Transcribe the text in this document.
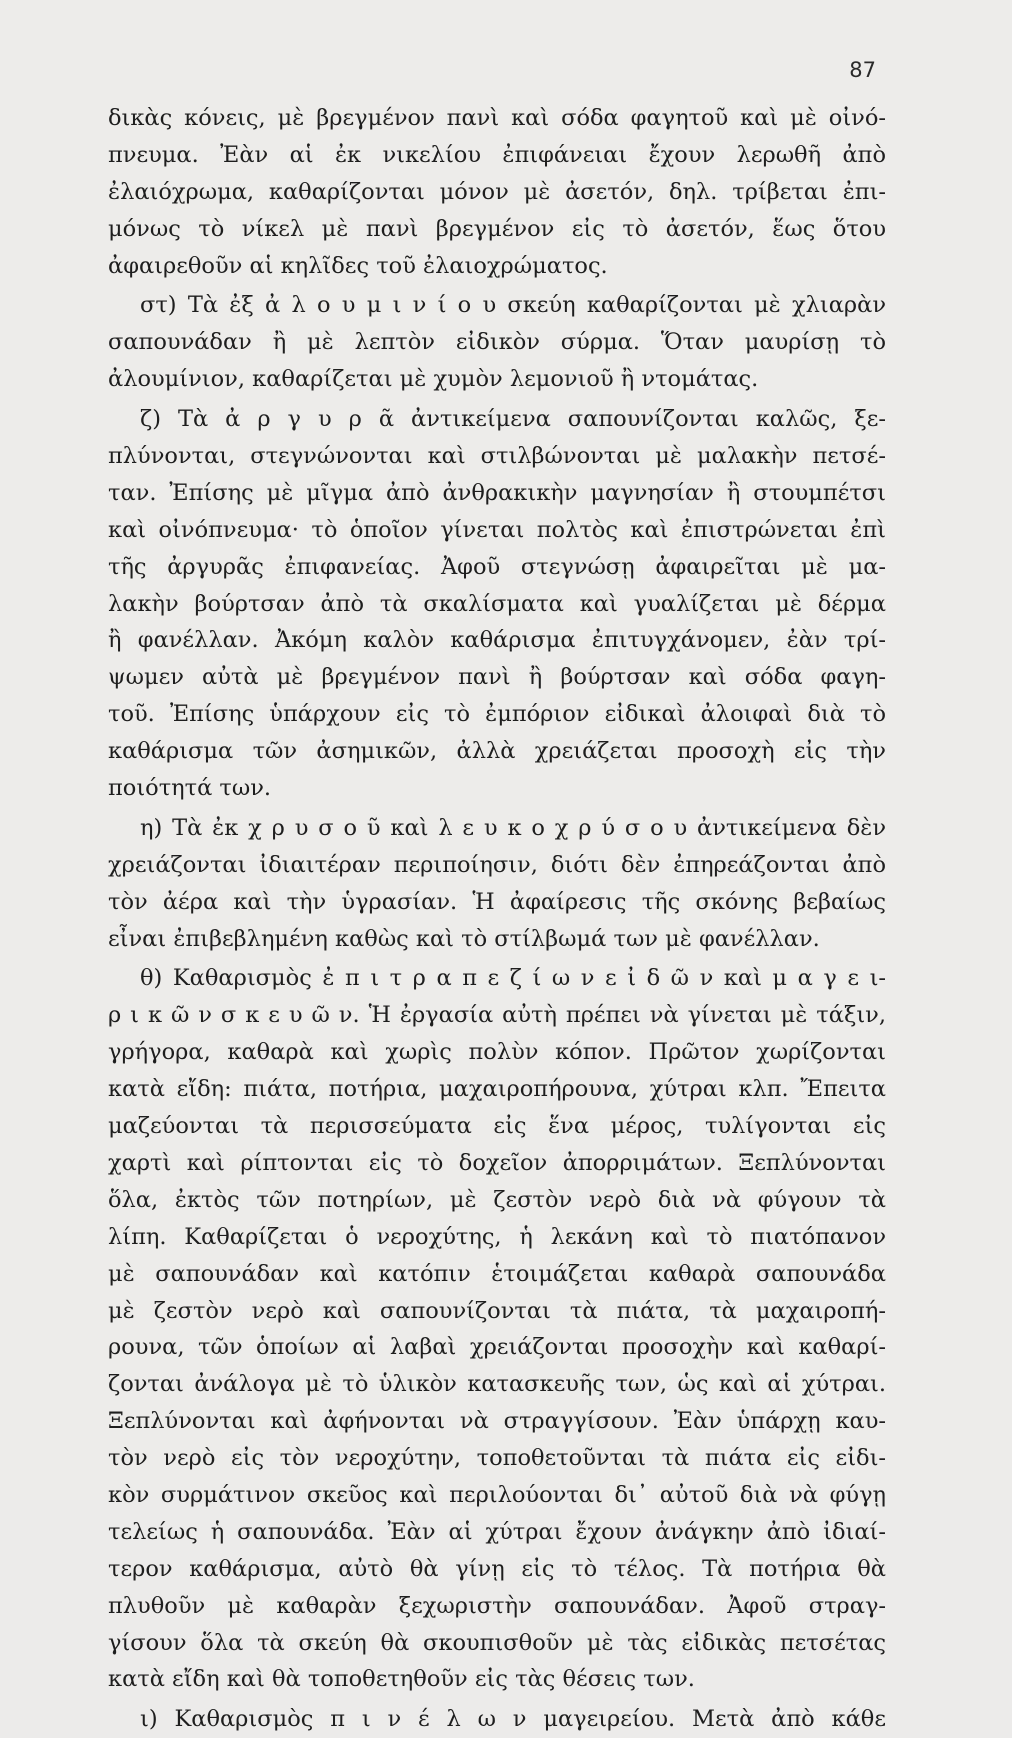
87
δικὰς κόνεις, μὲ βρεγμένον πανὶ καὶ σόδα φαγητοῦ καὶ μὲ οἰνό-
πνευμα. Ἐὰν αἱ ἐκ νικελίου ἐπιφάνειαι ἔχουν λερωθῆ ἀπὸ
ἐλαιόχρωμα, καθαρίζονται μόνον μὲ ἀσετόν, δηλ. τρίβεται ἐπι-
μόνως τὸ νίκελ μὲ πανὶ βρεγμένον εἰς τὸ ἀσετόν, ἕως ὅτου
ἀφαιρεθοῦν αἱ κηλῖδες τοῦ ἐλαιοχρώματος.
στ) Τὰ ἐξ ἀ λ ο υ μ ι ν ί ο υ σκεύη καθαρίζονται μὲ χλιαρὰν
σαπουνάδαν ἢ μὲ λεπτὸν εἰδικὸν σύρμα. Ὅταν μαυρίσῃ τὸ
ἀλουμίνιον, καθαρίζεται μὲ χυμὸν λεμονιοῦ ἢ ντομάτας.
ζ) Τὰ ἀ ρ γ υ ρ ᾶ ἀντικείμενα σαπουνίζονται καλῶς, ξε-
πλύνονται, στεγνώνονται καὶ στιλβώνονται μὲ μαλακὴν πετσέ-
ταν. Ἐπίσης μὲ μῖγμα ἀπὸ ἀνθρακικὴν μαγνησίαν ἢ στουμπέτσι
καὶ οἰνόπνευμα· τὸ ὁποῖον γίνεται πολτὸς καὶ ἐπιστρώνεται ἐπὶ
τῆς ἀργυρᾶς ἐπιφανείας. Ἀφοῦ στεγνώσῃ ἀφαιρεῖται μὲ μα-
λακὴν βούρτσαν ἀπὸ τὰ σκαλίσματα καὶ γυαλίζεται μὲ δέρμα
ἢ φανέλλαν. Ἀκόμη καλὸν καθάρισμα ἐπιτυγχάνομεν, ἐὰν τρί-
ψωμεν αὐτὰ μὲ βρεγμένον πανὶ ἢ βούρτσαν καὶ σόδα φαγη-
τοῦ. Ἐπίσης ὑπάρχουν εἰς τὸ ἐμπόριον εἰδικαὶ ἀλοιφαὶ διὰ τὸ
καθάρισμα τῶν ἀσημικῶν, ἀλλὰ χρειάζεται προσοχὴ εἰς τὴν
ποιότητά των.
η) Τὰ ἐκ χ ρ υ σ ο ῦ καὶ λ ε υ κ ο χ ρ ύ σ ο υ ἀντικείμενα δὲν
χρειάζονται ἰδιαιτέραν περιποίησιν, διότι δὲν ἐπηρεάζονται ἀπὸ
τὸν ἀέρα καὶ τὴν ὑγρασίαν. Ἡ ἀφαίρεσις τῆς σκόνης βεβαίως
εἶναι ἐπιβεβλημένη καθὼς καὶ τὸ στίλβωμά των μὲ φανέλλαν.
θ) Καθαρισμὸς ἐ π ι τ ρ α π ε ζ ί ω ν ε ἰ δ ῶ ν καὶ μ α γ ε ι-
ρ ι κ ῶ ν σ κ ε υ ῶ ν. Ἡ ἐργασία αὐτὴ πρέπει νὰ γίνεται μὲ τάξιν,
γρήγορα, καθαρὰ καὶ χωρὶς πολὺν κόπον. Πρῶτον χωρίζονται
κατὰ εἴδη: πιάτα, ποτήρια, μαχαιροπήρουνα, χύτραι κλπ. Ἔπειτα
μαζεύονται τὰ περισσεύματα εἰς ἕνα μέρος, τυλίγονται εἰς
χαρτὶ καὶ ρίπτονται εἰς τὸ δοχεῖον ἀπορριμάτων. Ξεπλύνονται
ὅλα, ἐκτὸς τῶν ποτηρίων, μὲ ζεστὸν νερὸ διὰ νὰ φύγουν τὰ
λίπη. Καθαρίζεται ὁ νεροχύτης, ἡ λεκάνη καὶ τὸ πιατόπανον
μὲ σαπουνάδαν καὶ κατόπιν ἑτοιμάζεται καθαρὰ σαπουνάδα
μὲ ζεστὸν νερὸ καὶ σαπουνίζονται τὰ πιάτα, τὰ μαχαιροπή-
ρουνα, τῶν ὁποίων αἱ λαβαὶ χρειάζονται προσοχὴν καὶ καθαρί-
ζονται ἀνάλογα μὲ τὸ ὑλικὸν κατασκευῆς των, ὡς καὶ αἱ χύτραι.
Ξεπλύνονται καὶ ἀφήνονται νὰ στραγγίσουν. Ἐὰν ὑπάρχῃ καυ-
τὸν νερὸ εἰς τὸν νεροχύτην, τοποθετοῦνται τὰ πιάτα εἰς εἰδι-
κὸν συρμάτινον σκεῦος καὶ περιλούονται δι᾽ αὐτοῦ διὰ νὰ φύγῃ
τελείως ἡ σαπουνάδα. Ἐὰν αἱ χύτραι ἔχουν ἀνάγκην ἀπὸ ἰδιαί-
τερον καθάρισμα, αὐτὸ θὰ γίνῃ εἰς τὸ τέλος. Τὰ ποτήρια θὰ
πλυθοῦν μὲ καθαρὰν ξεχωριστὴν σαπουνάδαν. Ἀφοῦ στραγ-
γίσουν ὅλα τὰ σκεύη θὰ σκουπισθοῦν μὲ τὰς εἰδικὰς πετσέτας
κατὰ εἴδη καὶ θὰ τοποθετηθοῦν εἰς τὰς θέσεις των.
ι) Καθαρισμὸς π ι ν έ λ ω ν μαγειρείου. Μετὰ ἀπὸ κάθε
